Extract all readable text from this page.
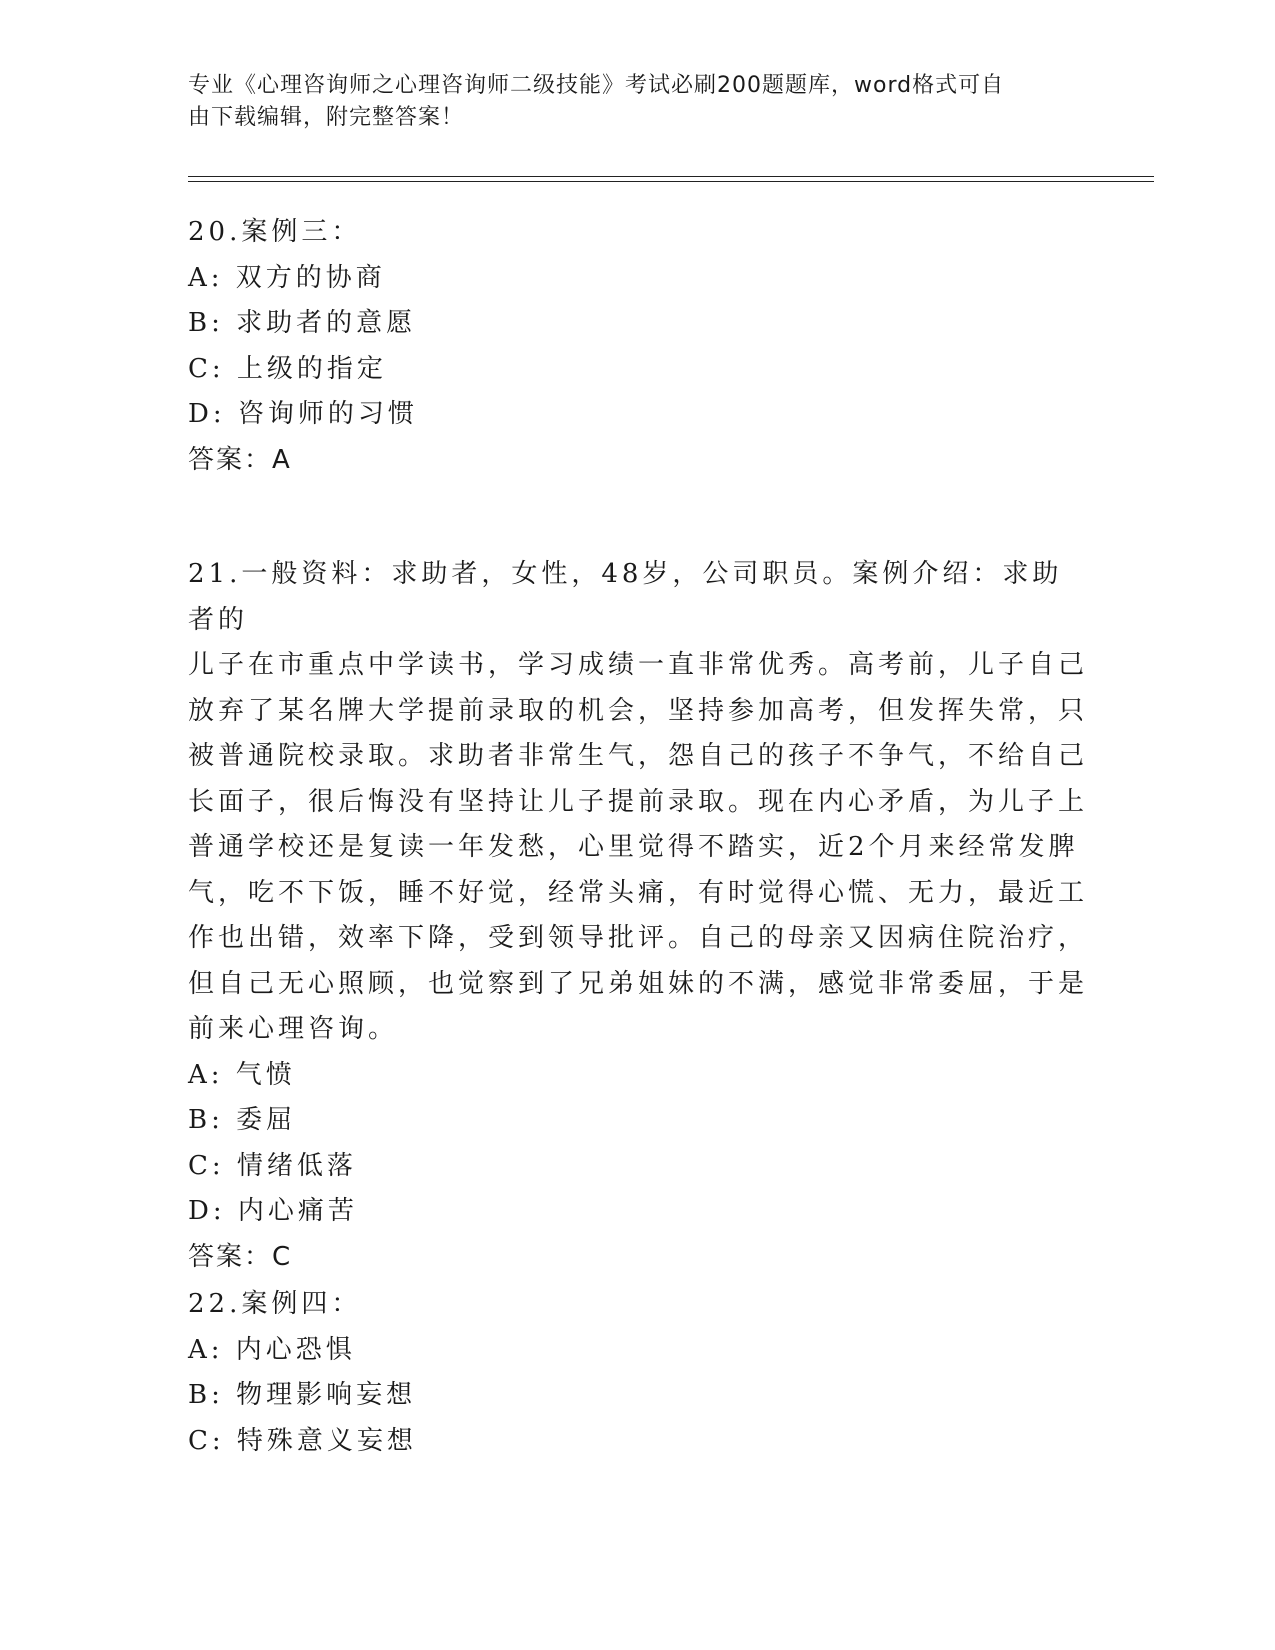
专业《心理咨询师之心理咨询师二级技能》考试必刷200题题库，word格式可自
由下载编辑，附完整答案！

20.案例三：

A: 双方的协商

B: 求助者的意愿

C: 上级的指定

D: 咨询师的习惯

答案：A

21.一般资料：求助者，女性，48岁，公司职员。案例介绍：求助者的

儿子在市重点中学读书，学习成绩一直非常优秀。高考前，儿子自己

放弃了某名牌大学提前录取的机会，坚持参加高考，但发挥失常，只

被普通院校录取。求助者非常生气，怨自己的孩子不争气，不给自己

长面子，很后悔没有坚持让儿子提前录取。现在内心矛盾，为儿子上

普通学校还是复读一年发愁，心里觉得不踏实，近2个月来经常发脾

气，吃不下饭，睡不好觉，经常头痛，有时觉得心慌、无力，最近工

作也出错，效率下降，受到领导批评。自己的母亲又因病住院治疗，

但自己无心照顾，也觉察到了兄弟姐妹的不满，感觉非常委屈，于是

前来心理咨询。

A: 气愤

B: 委屈

C: 情绪低落

D: 内心痛苦

答案：C

22.案例四：

A: 内心恐惧

B: 物理影响妄想

C: 特殊意义妄想
